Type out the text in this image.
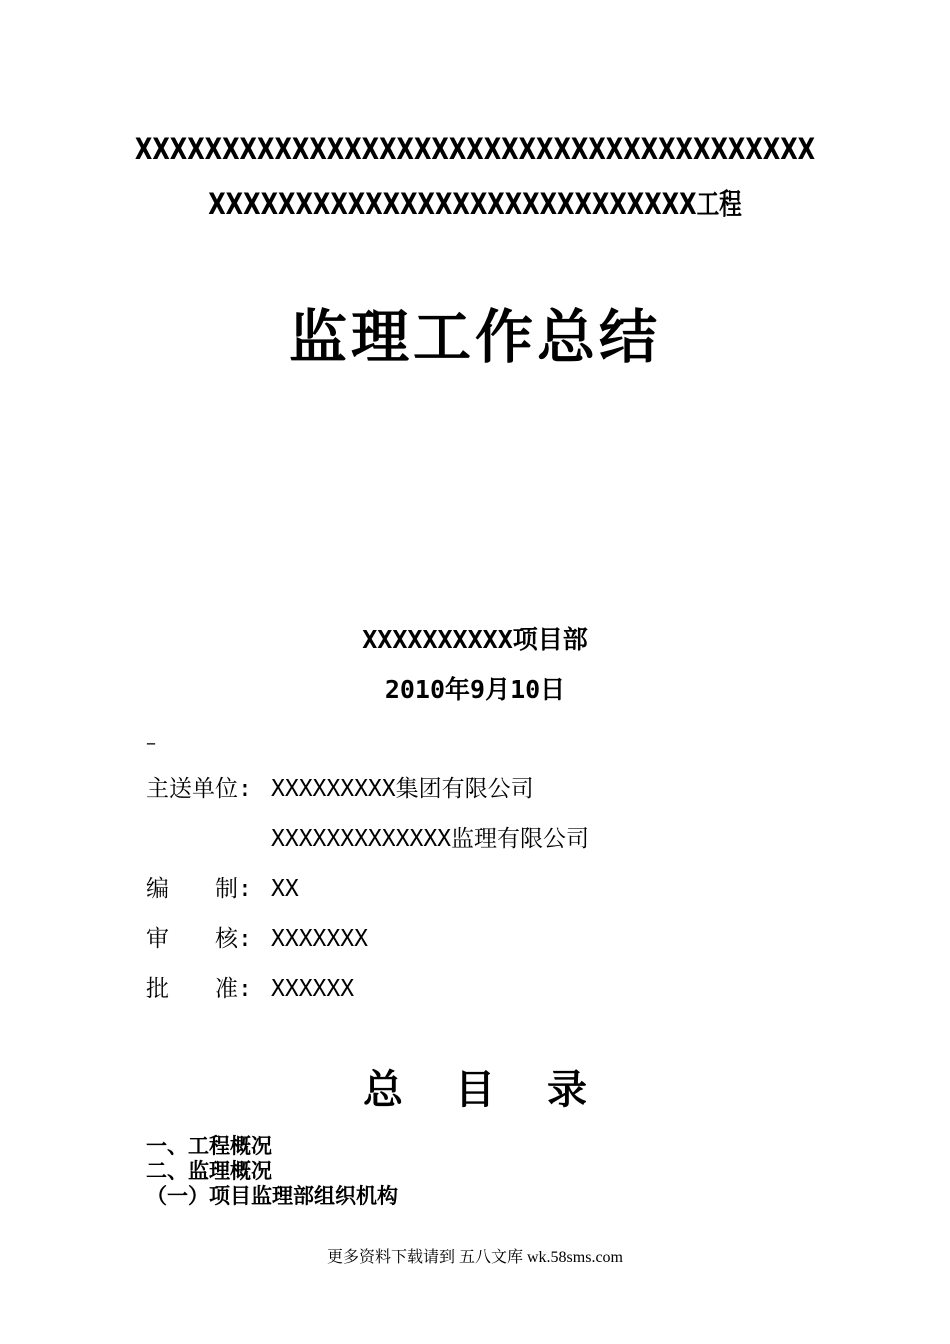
XXXXXXXXXXXXXXXXXXXXXXXXXXXXXXXXXXXXXXX
XXXXXXXXXXXXXXXXXXXXXXXXXXXX工程
监理工作总结
XXXXXXXXXX项目部
2010年9月10日
–
主送单位: XXXXXXXXX集团有限公司
XXXXXXXXXXXXX监理有限公司
编　　制: XX
审　　核: XXXXXXX
批　　准: XXXXXX
总 目 录
一、工程概况
二、监理概况
（一）项目监理部组织机构
更多资料下载请到 五八文库 wk.58sms.com
